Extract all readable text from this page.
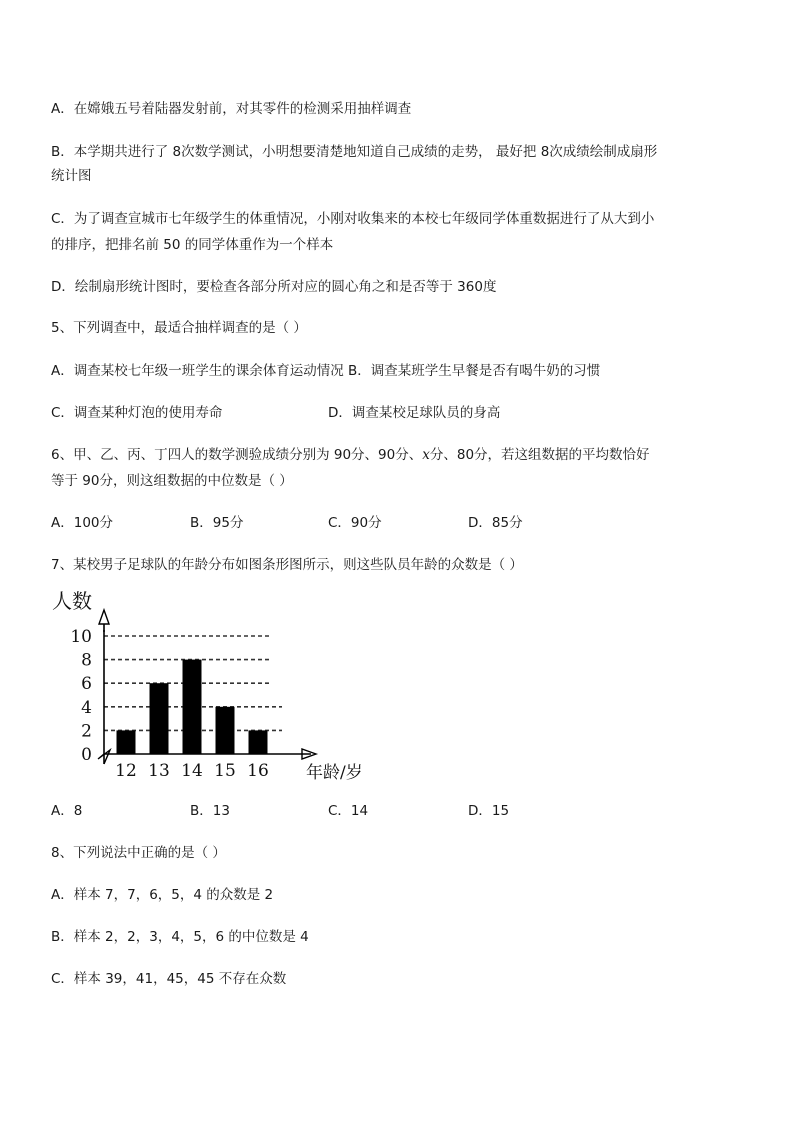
A．在嫦娥五号着陆器发射前，对其零件的检测采用抽样调查
B．本学期共进行了 8次数学测试，小明想要清楚地知道自己成绩的走势， 最好把 8次成绩绘制成扇形
统计图
C．为了调查宣城市七年级学生的体重情况，小刚对收集来的本校七年级同学体重数据进行了从大到小
的排序，把排名前 50 的同学体重作为一个样本
D．绘制扇形统计图时，要检查各部分所对应的圆心角之和是否等于 360度
5、下列调查中，最适合抽样调查的是（ ）
A．调查某校七年级一班学生的课余体育运动情况 B．调查某班学生早餐是否有喝牛奶的习惯
C．调查某种灯泡的使用寿命	D．调查某校足球队员的身高
6、甲、乙、丙、丁四人的数学测验成绩分别为 90分、90分、x分、80分，若这组数据的平均数恰好
等于 90分，则这组数据的中位数是（ ）
A．100分	B．95分	C．90分	D．85分
7、某校男子足球队的年龄分布如图条形图所示，则这些队员年龄的众数是（ ）
人数
年龄/岁
0
2
4
6
8
10
12 13 14 15 16
A．8	B．13	C．14	D．15
8、下列说法中正确的是（ ）
A．样本 7，7，6，5，4 的众数是 2
B．样本 2，2，3，4，5，6 的中位数是 4
C．样本 39，41，45，45 不存在众数
